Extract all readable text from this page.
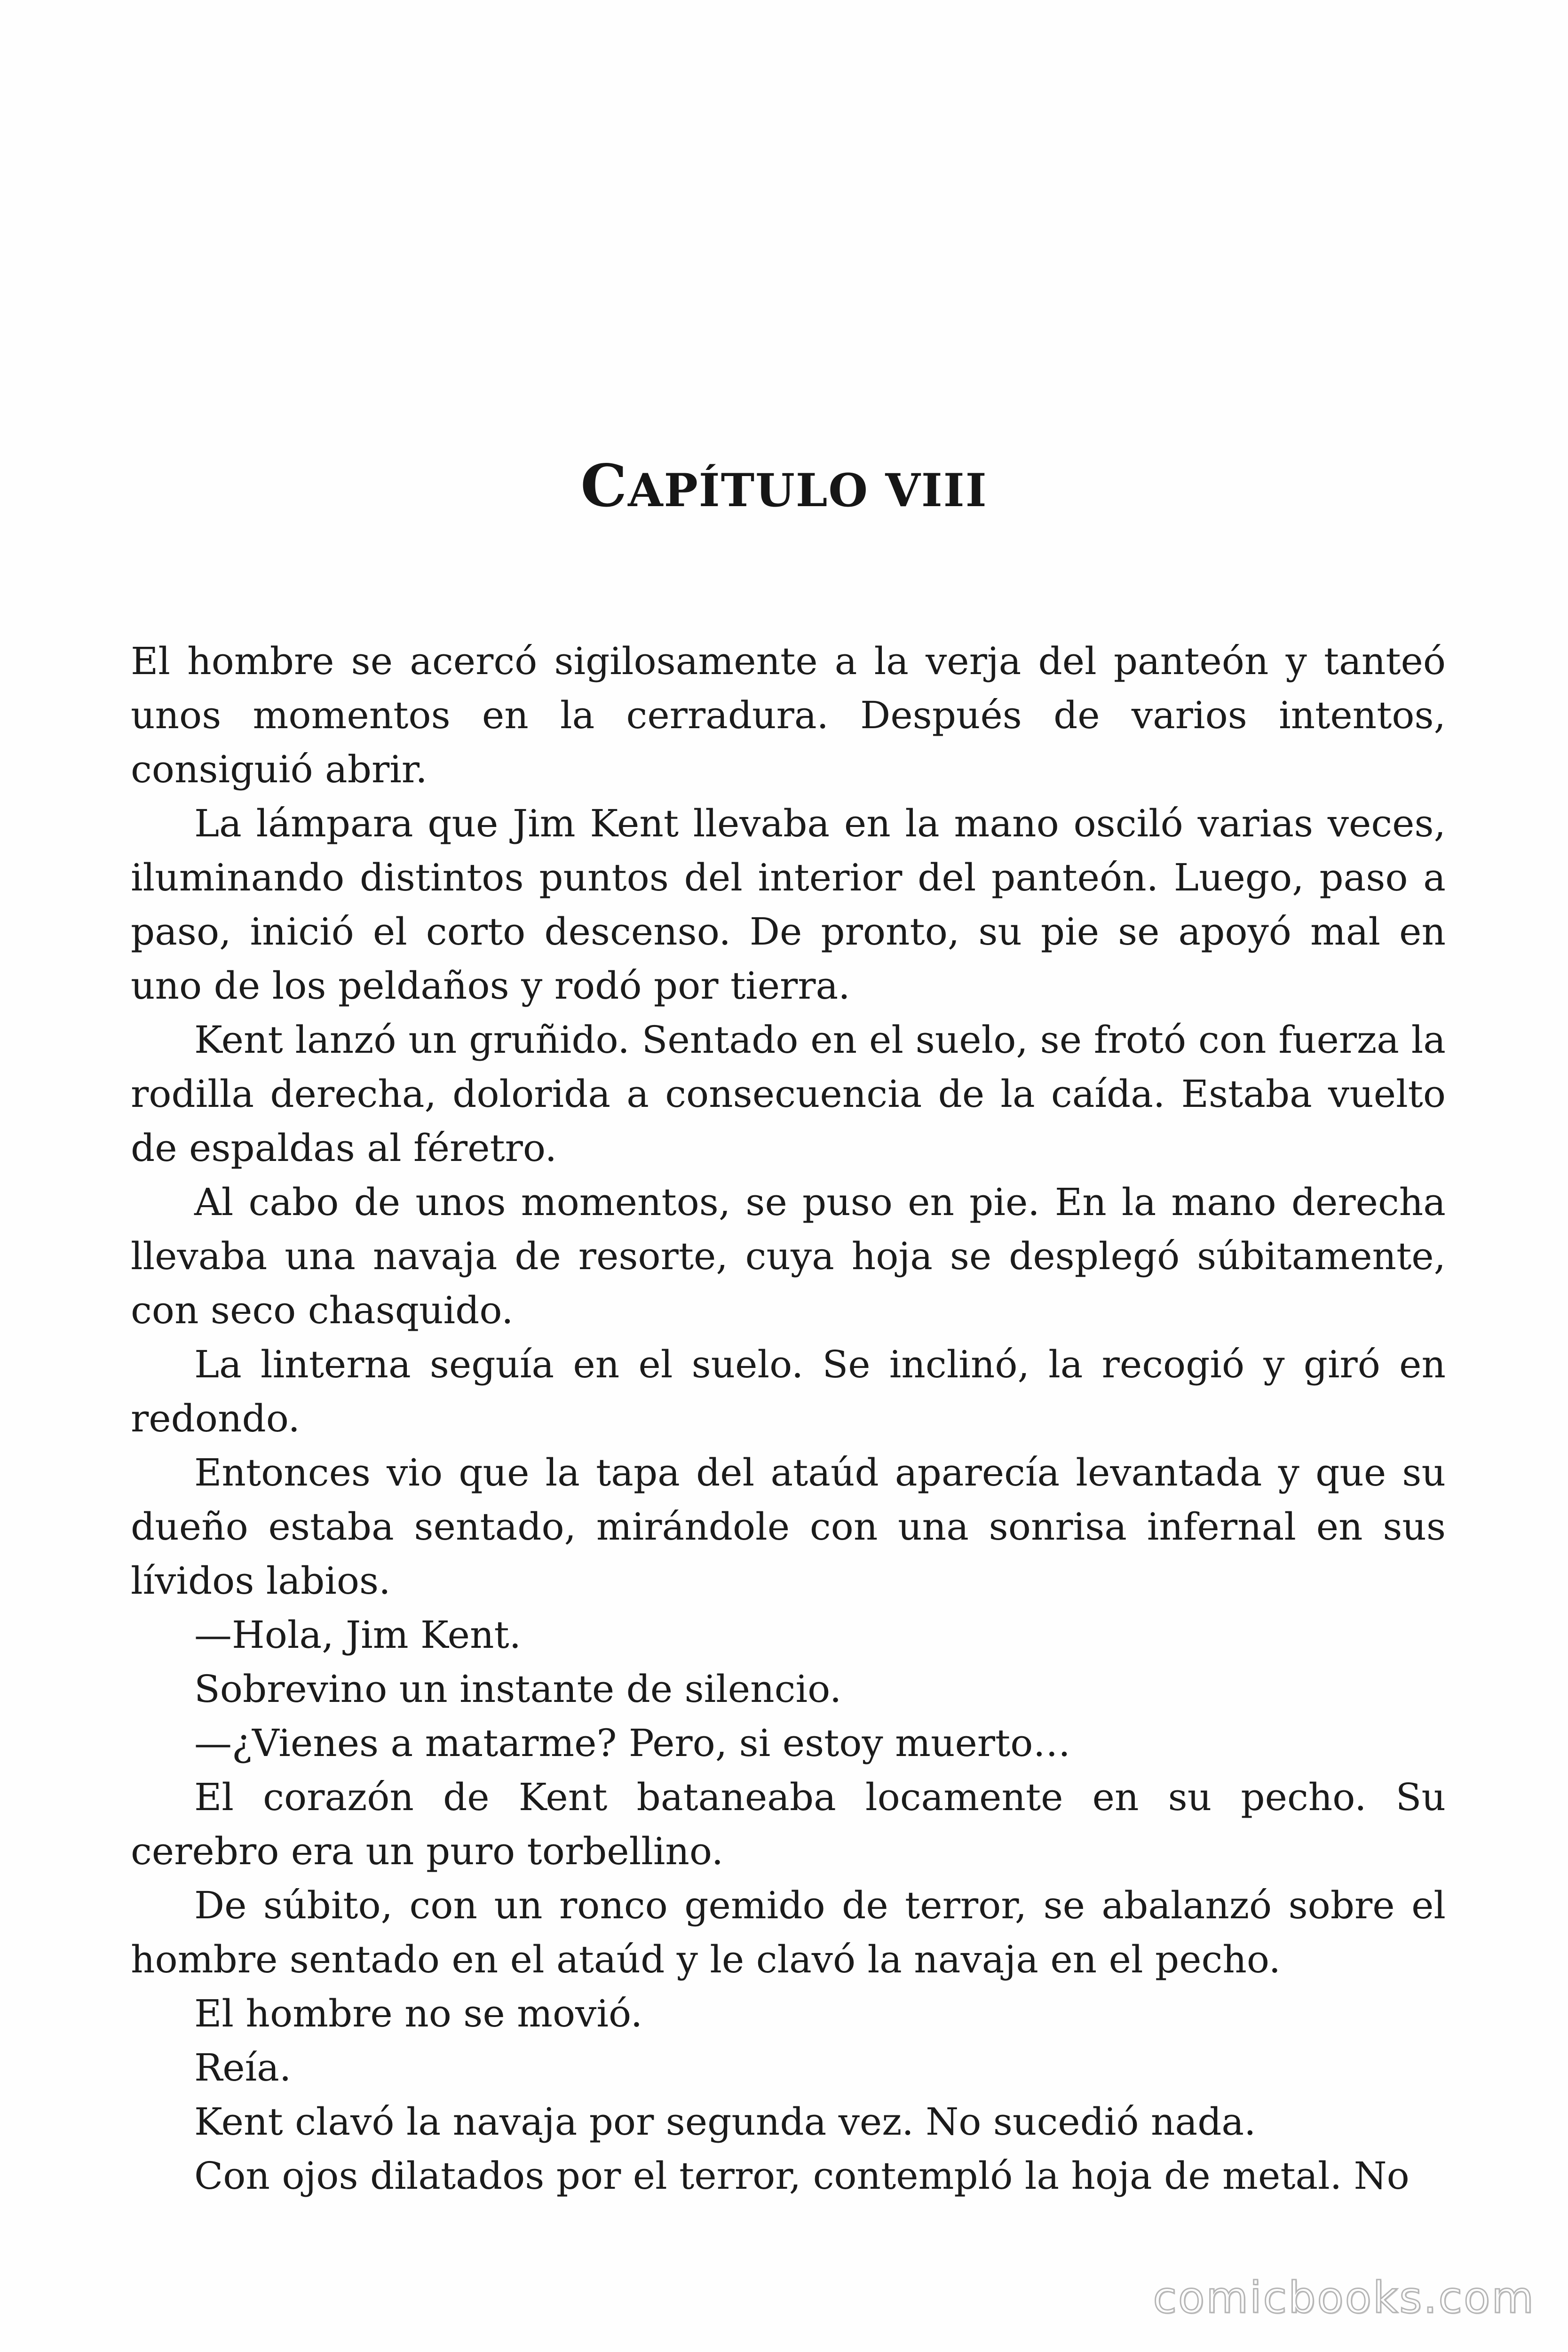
CAPÍTULO VIII

El hombre se acercó sigilosamente a la verja del panteón y tanteó unos momentos en la cerradura. Después de varios intentos, consiguió abrir.

La lámpara que Jim Kent llevaba en la mano osciló varias veces, iluminando distintos puntos del interior del panteón. Luego, paso a paso, inició el corto descenso. De pronto, su pie se apoyó mal en uno de los peldaños y rodó por tierra.

Kent lanzó un gruñido. Sentado en el suelo, se frotó con fuerza la rodilla derecha, dolorida a consecuencia de la caída. Estaba vuelto de espaldas al féretro.

Al cabo de unos momentos, se puso en pie. En la mano derecha llevaba una navaja de resorte, cuya hoja se desplegó súbitamente, con seco chasquido.

La linterna seguía en el suelo. Se inclinó, la recogió y giró en redondo.

Entonces vio que la tapa del ataúd aparecía levantada y que su dueño estaba sentado, mirándole con una sonrisa infernal en sus lívidos labios.

—Hola, Jim Kent.

Sobrevino un instante de silencio.

—¿Vienes a matarme? Pero, si estoy muerto…

El corazón de Kent bataneaba locamente en su pecho. Su cerebro era un puro torbellino.

De súbito, con un ronco gemido de terror, se abalanzó sobre el hombre sentado en el ataúd y le clavó la navaja en el pecho.

El hombre no se movió.

Reía.

Kent clavó la navaja por segunda vez. No sucedió nada.

Con ojos dilatados por el terror, contempló la hoja de metal. No

comicbooks.com
